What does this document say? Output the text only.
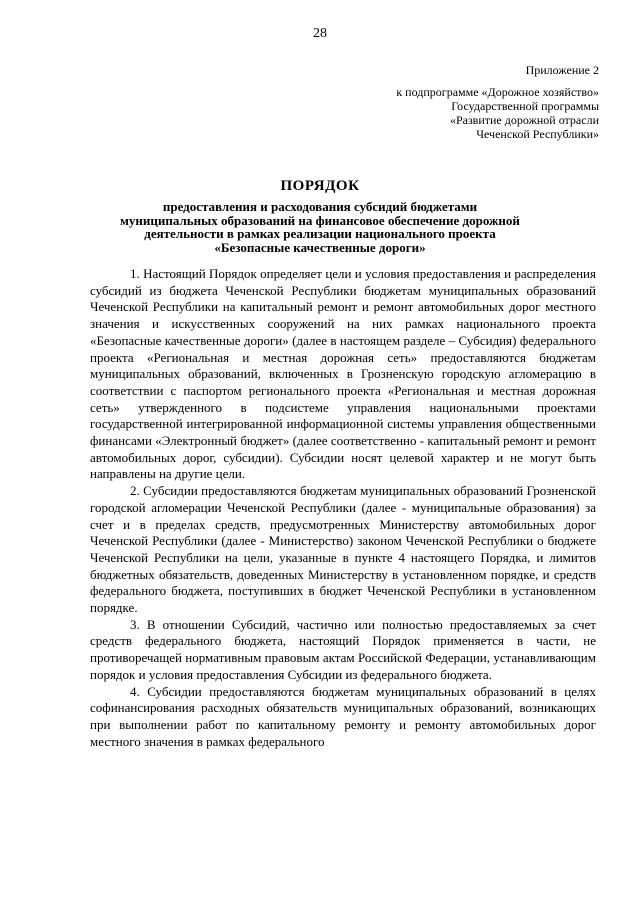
28
Приложение 2
к подпрограмме «Дорожное хозяйство»
Государственной программы
«Развитие дорожной отрасли
Чеченской Республики»
ПОРЯДОК
предоставления и расходования субсидий бюджетами
муниципальных образований на финансовое обеспечение дорожной
деятельности в рамках реализации национального проекта
«Безопасные качественные дороги»

1. Настоящий Порядок определяет цели и условия предоставления и распределения субсидий из бюджета Чеченской Республики бюджетам муниципальных образований Чеченской Республики на капитальный ремонт и ремонт автомобильных дорог местного значения и искусственных сооружений на них рамках национального проекта «Безопасные качественные дороги» (далее в настоящем разделе – Субсидия) федерального проекта «Региональная и местная дорожная сеть» предоставляются бюджетам муниципальных образований, включенных в Грозненскую городскую агломерацию в соответствии с паспортом регионального проекта «Региональная и местная дорожная сеть» утвержденного в подсистеме управления национальными проектами государственной интегрированной информационной системы управления общественными финансами «Электронный бюджет» (далее соответственно - капитальный ремонт и ремонт автомобильных дорог, субсидии). Субсидии носят целевой характер и не могут быть направлены на другие цели.

2. Субсидии предоставляются бюджетам муниципальных образований Грозненской городской агломерации Чеченской Республики (далее - муниципальные образования) за счет и в пределах средств, предусмотренных Министерству автомобильных дорог Чеченской Республики (далее - Министерство) законом Чеченской Республики о бюджете Чеченской Республики на цели, указанные в пункте 4 настоящего Порядка, и лимитов бюджетных обязательств, доведенных Министерству в установленном порядке, и средств федерального бюджета, поступивших в бюджет Чеченской Республики в установленном порядке.

3. В отношении Субсидий, частично или полностью предоставляемых за счет средств федерального бюджета, настоящий Порядок применяется в части, не противоречащей нормативным правовым актам Российской Федерации, устанавливающим порядок и условия предоставления Субсидии из федерального бюджета.

4. Субсидии предоставляются бюджетам муниципальных образований в целях софинансирования расходных обязательств муниципальных образований, возникающих при выполнении работ по капитальному ремонту и ремонту автомобильных дорог местного значения в рамках федерального
